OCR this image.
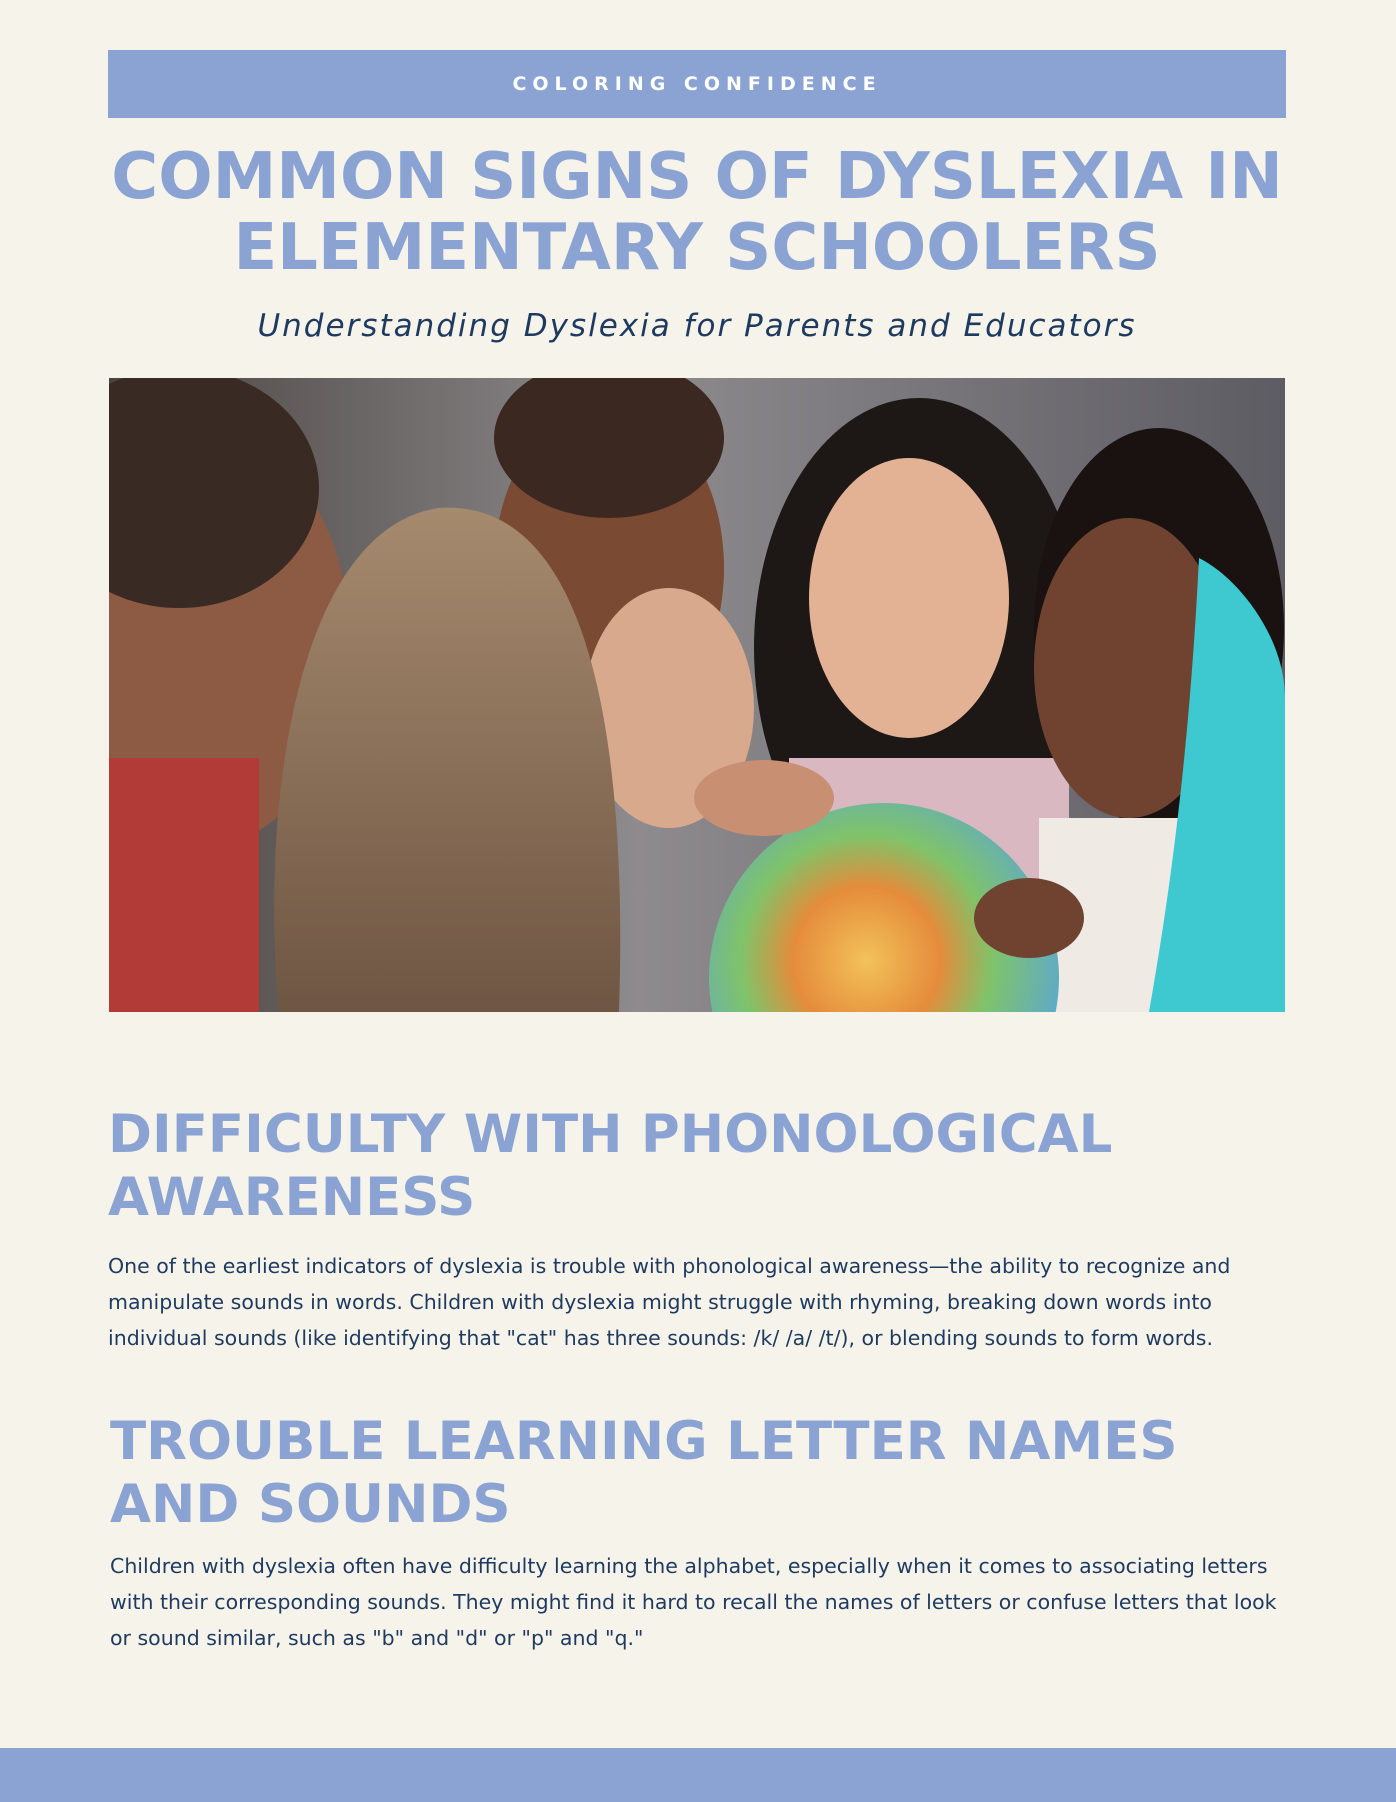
COLORING CONFIDENCE
COMMON SIGNS OF DYSLEXIA IN ELEMENTARY SCHOOLERS

Understanding Dyslexia for Parents and Educators

DIFFICULTY WITH PHONOLOGICAL AWARENESS

One of the earliest indicators of dyslexia is trouble with phonological awareness—the ability to recognize and manipulate sounds in words. Children with dyslexia might struggle with rhyming, breaking down words into individual sounds (like identifying that "cat" has three sounds: /k/ /a/ /t/), or blending sounds to form words.

TROUBLE LEARNING LETTER NAMES AND SOUNDS

Children with dyslexia often have difficulty learning the alphabet, especially when it comes to associating letters with their corresponding sounds. They might find it hard to recall the names of letters or confuse letters that look or sound similar, such as "b" and "d" or "p" and "q."
